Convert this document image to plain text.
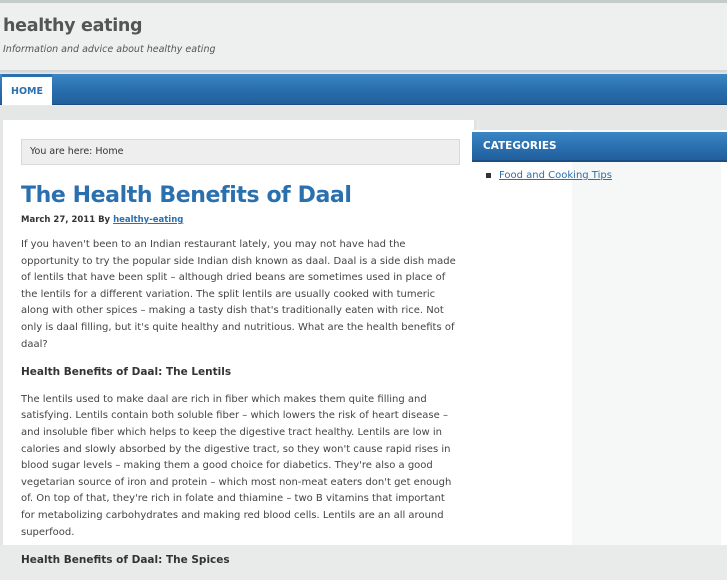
healthy eating
Information and advice about healthy eating
HOME
You are here: Home
The Health Benefits of Daal
March 27, 2011 By healthy-eating

If you haven't been to an Indian restaurant lately, you may not have had the opportunity to try the popular side Indian dish known as daal. Daal is a side dish made of lentils that have been split – although dried beans are sometimes used in place of the lentils for a different variation. The split lentils are usually cooked with tumeric along with other spices – making a tasty dish that's traditionally eaten with rice. Not only is daal filling, but it's quite healthy and nutritious. What are the health benefits of daal?

Health Benefits of Daal: The Lentils

The lentils used to make daal are rich in fiber which makes them quite filling and satisfying. Lentils contain both soluble fiber – which lowers the risk of heart disease – and insoluble fiber which helps to keep the digestive tract healthy. Lentils are low in calories and slowly absorbed by the digestive tract, so they won't cause rapid rises in blood sugar levels – making them a good choice for diabetics. They're also a good vegetarian source of iron and protein – which most non-meat eaters don't get enough of. On top of that, they're rich in folate and thiamine – two B vitamins that important for metabolizing carbohydrates and making red blood cells. Lentils are an all around superfood.

Health Benefits of Daal: The Spices
CATEGORIES
Food and Cooking Tips
